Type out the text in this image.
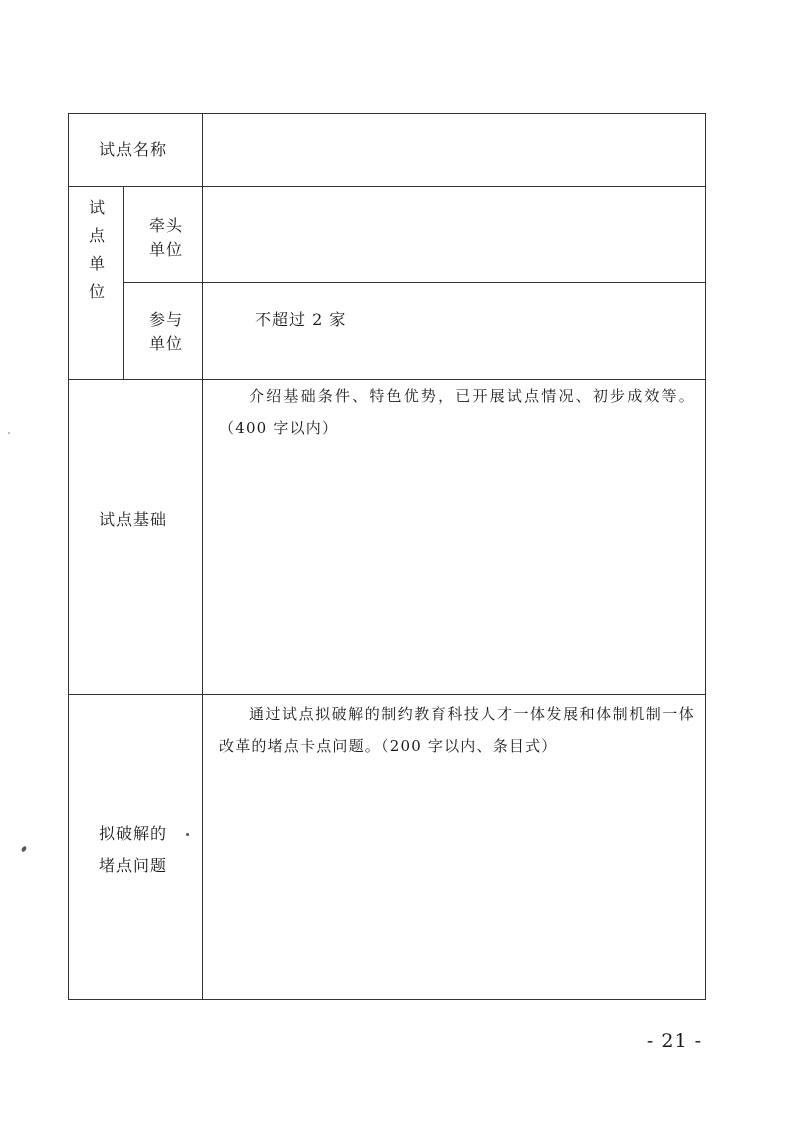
试点名称
试
点
单
位
牵头
单位
参与
单位
不超过 2 家
试点基础
介绍基础条件、特色优势，已开展试点情况、初步成效等。（400 字以内）
拟破解的
堵点问题
通过试点拟破解的制约教育科技人才一体发展和体制机制一体改革的堵点卡点问题。（200 字以内、条目式）
- 21 -
